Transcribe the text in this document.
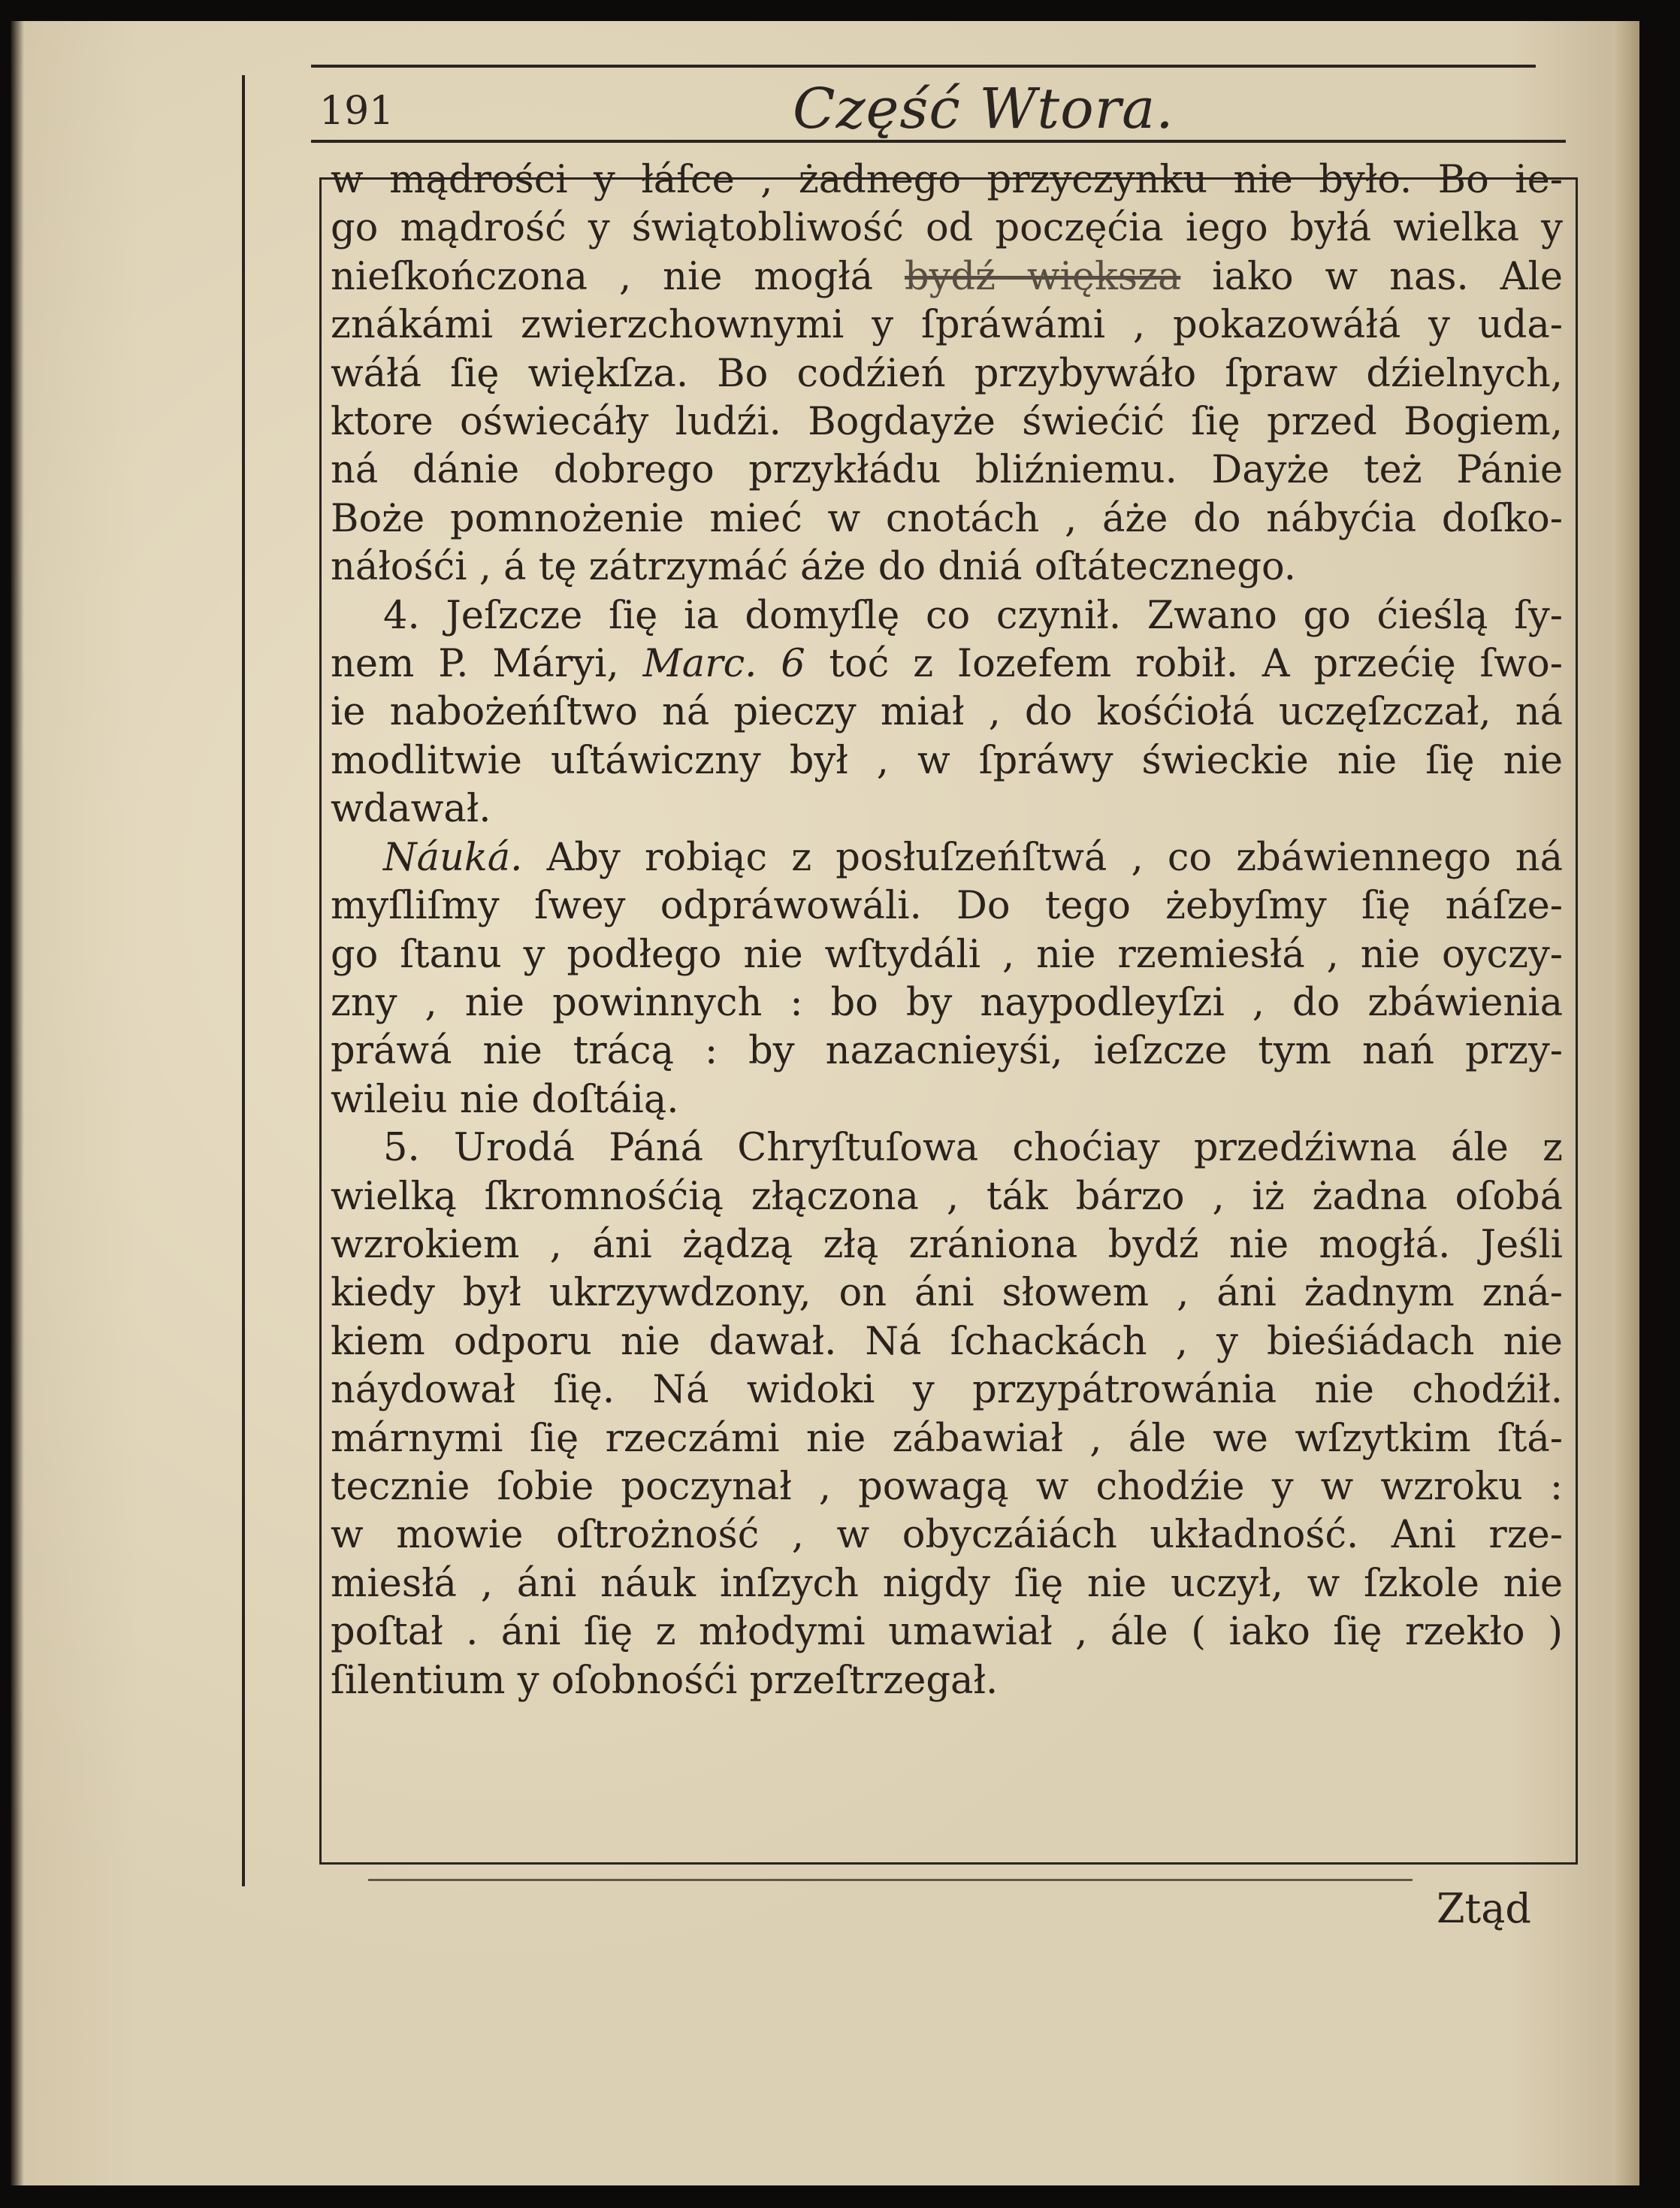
191	Część Wtora.
w mądrości y łáſce , żadnego przyczynku nie było. Bo ie-
go mądrość y świątobliwość od poczęćia iego byłá wielka y
nieſkończona , nie mogłá bydź większa iako w nas. Ale
znákámi zwierzchownymi y ſpráwámi , pokazowáłá y uda-
wáłá ſię więkſza. Bo codźień przybywáło ſpraw dźielnych,
ktore oświecáły ludźi. Bogdayże świećić ſię przed Bogiem,
ná dánie dobrego przykłádu bliźniemu. Dayże też Pánie
Boże pomnożenie mieć w cnotách , áże do nábyćia doſko-
náłośći , á tę zátrzymáć áże do dniá oſtátecznego.
4. Jeſzcze ſię ia domyſlę co czynił. Zwano go ćieślą ſy-
nem P. Máryi, Marc. 6 toć z Iozefem robił. A przećię ſwo-
ie nabożeńſtwo ná pieczy miał , do kośćiołá uczęſzczał, ná
modlitwie uſtáwiczny był , w ſpráwy świeckie nie ſię nie
wdawał.
Náuká. Aby robiąc z posłuſzeńſtwá , co zbáwiennego ná
myſliſmy ſwey odpráwowáli. Do tego żebyſmy ſię náſze-
go ſtanu y podłego nie wſtydáli , nie rzemiesłá , nie oyczy-
zny , nie powinnych : bo by naypodleyſzi , do zbáwienia
práwá nie trácą : by nazacnieyśi, ieſzcze tym nań przy-
wileiu nie doſtáią.
5. Urodá Páná Chryſtuſowa choćiay przedźiwna ále z
wielką ſkromnośćią złączona , ták bárzo , iż żadna oſobá
wzrokiem , áni żądzą złą zrániona bydź nie mogłá. Jeśli
kiedy był ukrzywdzony, on áni słowem , áni żadnym zná-
kiem odporu nie dawał. Ná ſchackách , y bieśiádach nie
náydował ſię. Ná widoki y przypátrowánia nie chodźił.
márnymi ſię rzeczámi nie zábawiał , ále we wſzytkim ſtá-
tecznie ſobie poczynał , powagą w chodźie y w wzroku :
w mowie oſtrożność , w obyczáiách układność. Ani rze-
miesłá , áni náuk inſzych nigdy ſię nie uczył, w ſzkole nie
poſtał . áni ſię z młodymi umawiał , ále ( iako ſię rzekło )
ſilentium y oſobnośći przeſtrzegał.
Ztąd
